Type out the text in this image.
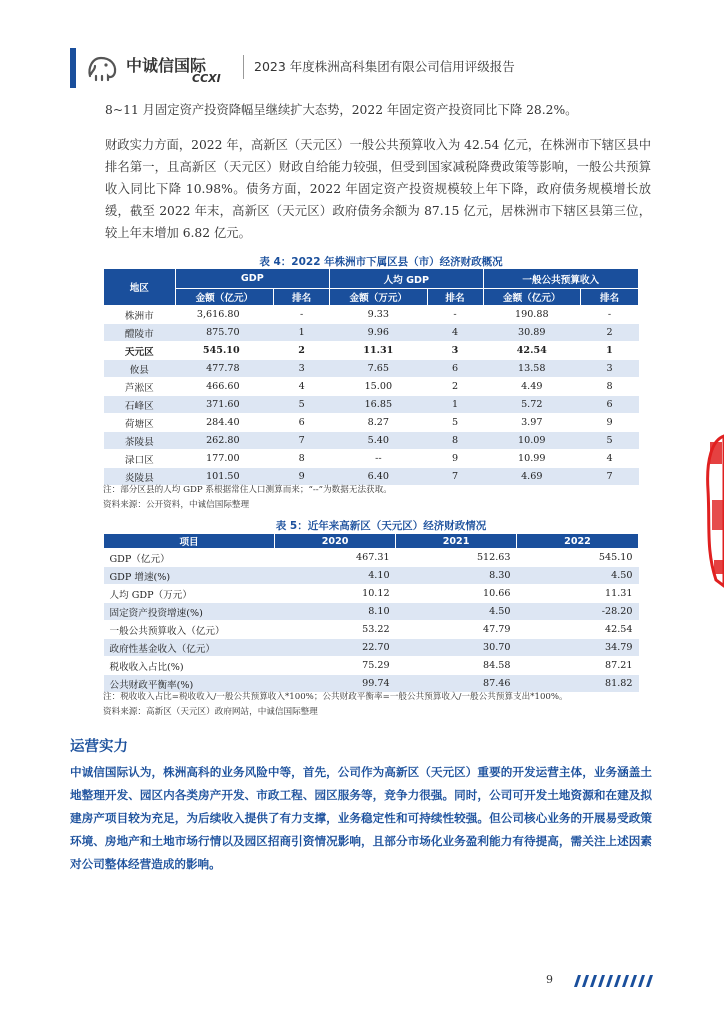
中诚信国际
CCXI
2023 年度株洲高科集团有限公司信用评级报告

8~11 月固定资产投资降幅呈继续扩大态势，2022 年固定资产投资同比下降 28.2%。

财政实力方面，2022 年，高新区（天元区）一般公共预算收入为 42.54 亿元，在株洲市下辖区县中排名第一，且高新区（天元区）财政自给能力较强，但受到国家减税降费政策等影响，一般公共预算收入同比下降 10.98%。债务方面，2022 年固定资产投资规模较上年下降，政府债务规模增长放缓，截至 2022 年末，高新区（天元区）政府债务余额为 87.15 亿元，居株洲市下辖区县第三位，较上年末增加 6.82 亿元。

表 4：2022 年株洲市下属区县（市）经济财政概况
地区	GDP		人均 GDP		一般公共预算收入	
	金额（亿元）	排名	金额（万元）	排名	金额（亿元）	排名
株洲市	3,616.80	-	9.33	-	190.88	-
醴陵市	875.70	1	9.96	4	30.89	2
天元区	545.10	2	11.31	3	42.54	1
攸县	477.78	3	7.65	6	13.58	3
芦淞区	466.60	4	15.00	2	4.49	8
石峰区	371.60	5	16.85	1	5.72	6
荷塘区	284.40	6	8.27	5	3.97	9
茶陵县	262.80	7	5.40	8	10.09	5
渌口区	177.00	8	--	9	10.99	4
炎陵县	101.50	9	6.40	7	4.69	7
注：部分区县的人均 GDP 系根据常住人口测算而来；“--”为数据无法获取。
资料来源：公开资料，中诚信国际整理
表 5：近年来高新区（天元区）经济财政情况
项目	2020	2021	2022
GDP（亿元）	467.31	512.63	545.10
GDP 增速(%)	4.10	8.30	4.50
人均 GDP（万元）	10.12	10.66	11.31
固定资产投资增速(%)	8.10	4.50	-28.20
一般公共预算收入（亿元）	53.22	47.79	42.54
政府性基金收入（亿元）	22.70	30.70	34.79
税收收入占比(%)	75.29	84.58	87.21
公共财政平衡率(%)	99.74	87.46	81.82
注：税收收入占比=税收收入/一般公共预算收入*100%；公共财政平衡率=一般公共预算收入/一般公共预算支出*100%。
资料来源：高新区（天元区）政府网站，中诚信国际整理
运营实力

中诚信国际认为，株洲高科的业务风险中等，首先，公司作为高新区（天元区）重要的开发运营主体，业务涵盖土地整理开发、园区内各类房产开发、市政工程、园区服务等，竞争力很强。同时，公司可开发土地资源和在建及拟建房产项目较为充足，为后续收入提供了有力支撑，业务稳定性和可持续性较强。但公司核心业务的开展易受政策环境、房地产和土地市场行情以及园区招商引资情况影响，且部分市场化业务盈利能力有待提高，需关注上述因素对公司整体经营造成的影响。

9
